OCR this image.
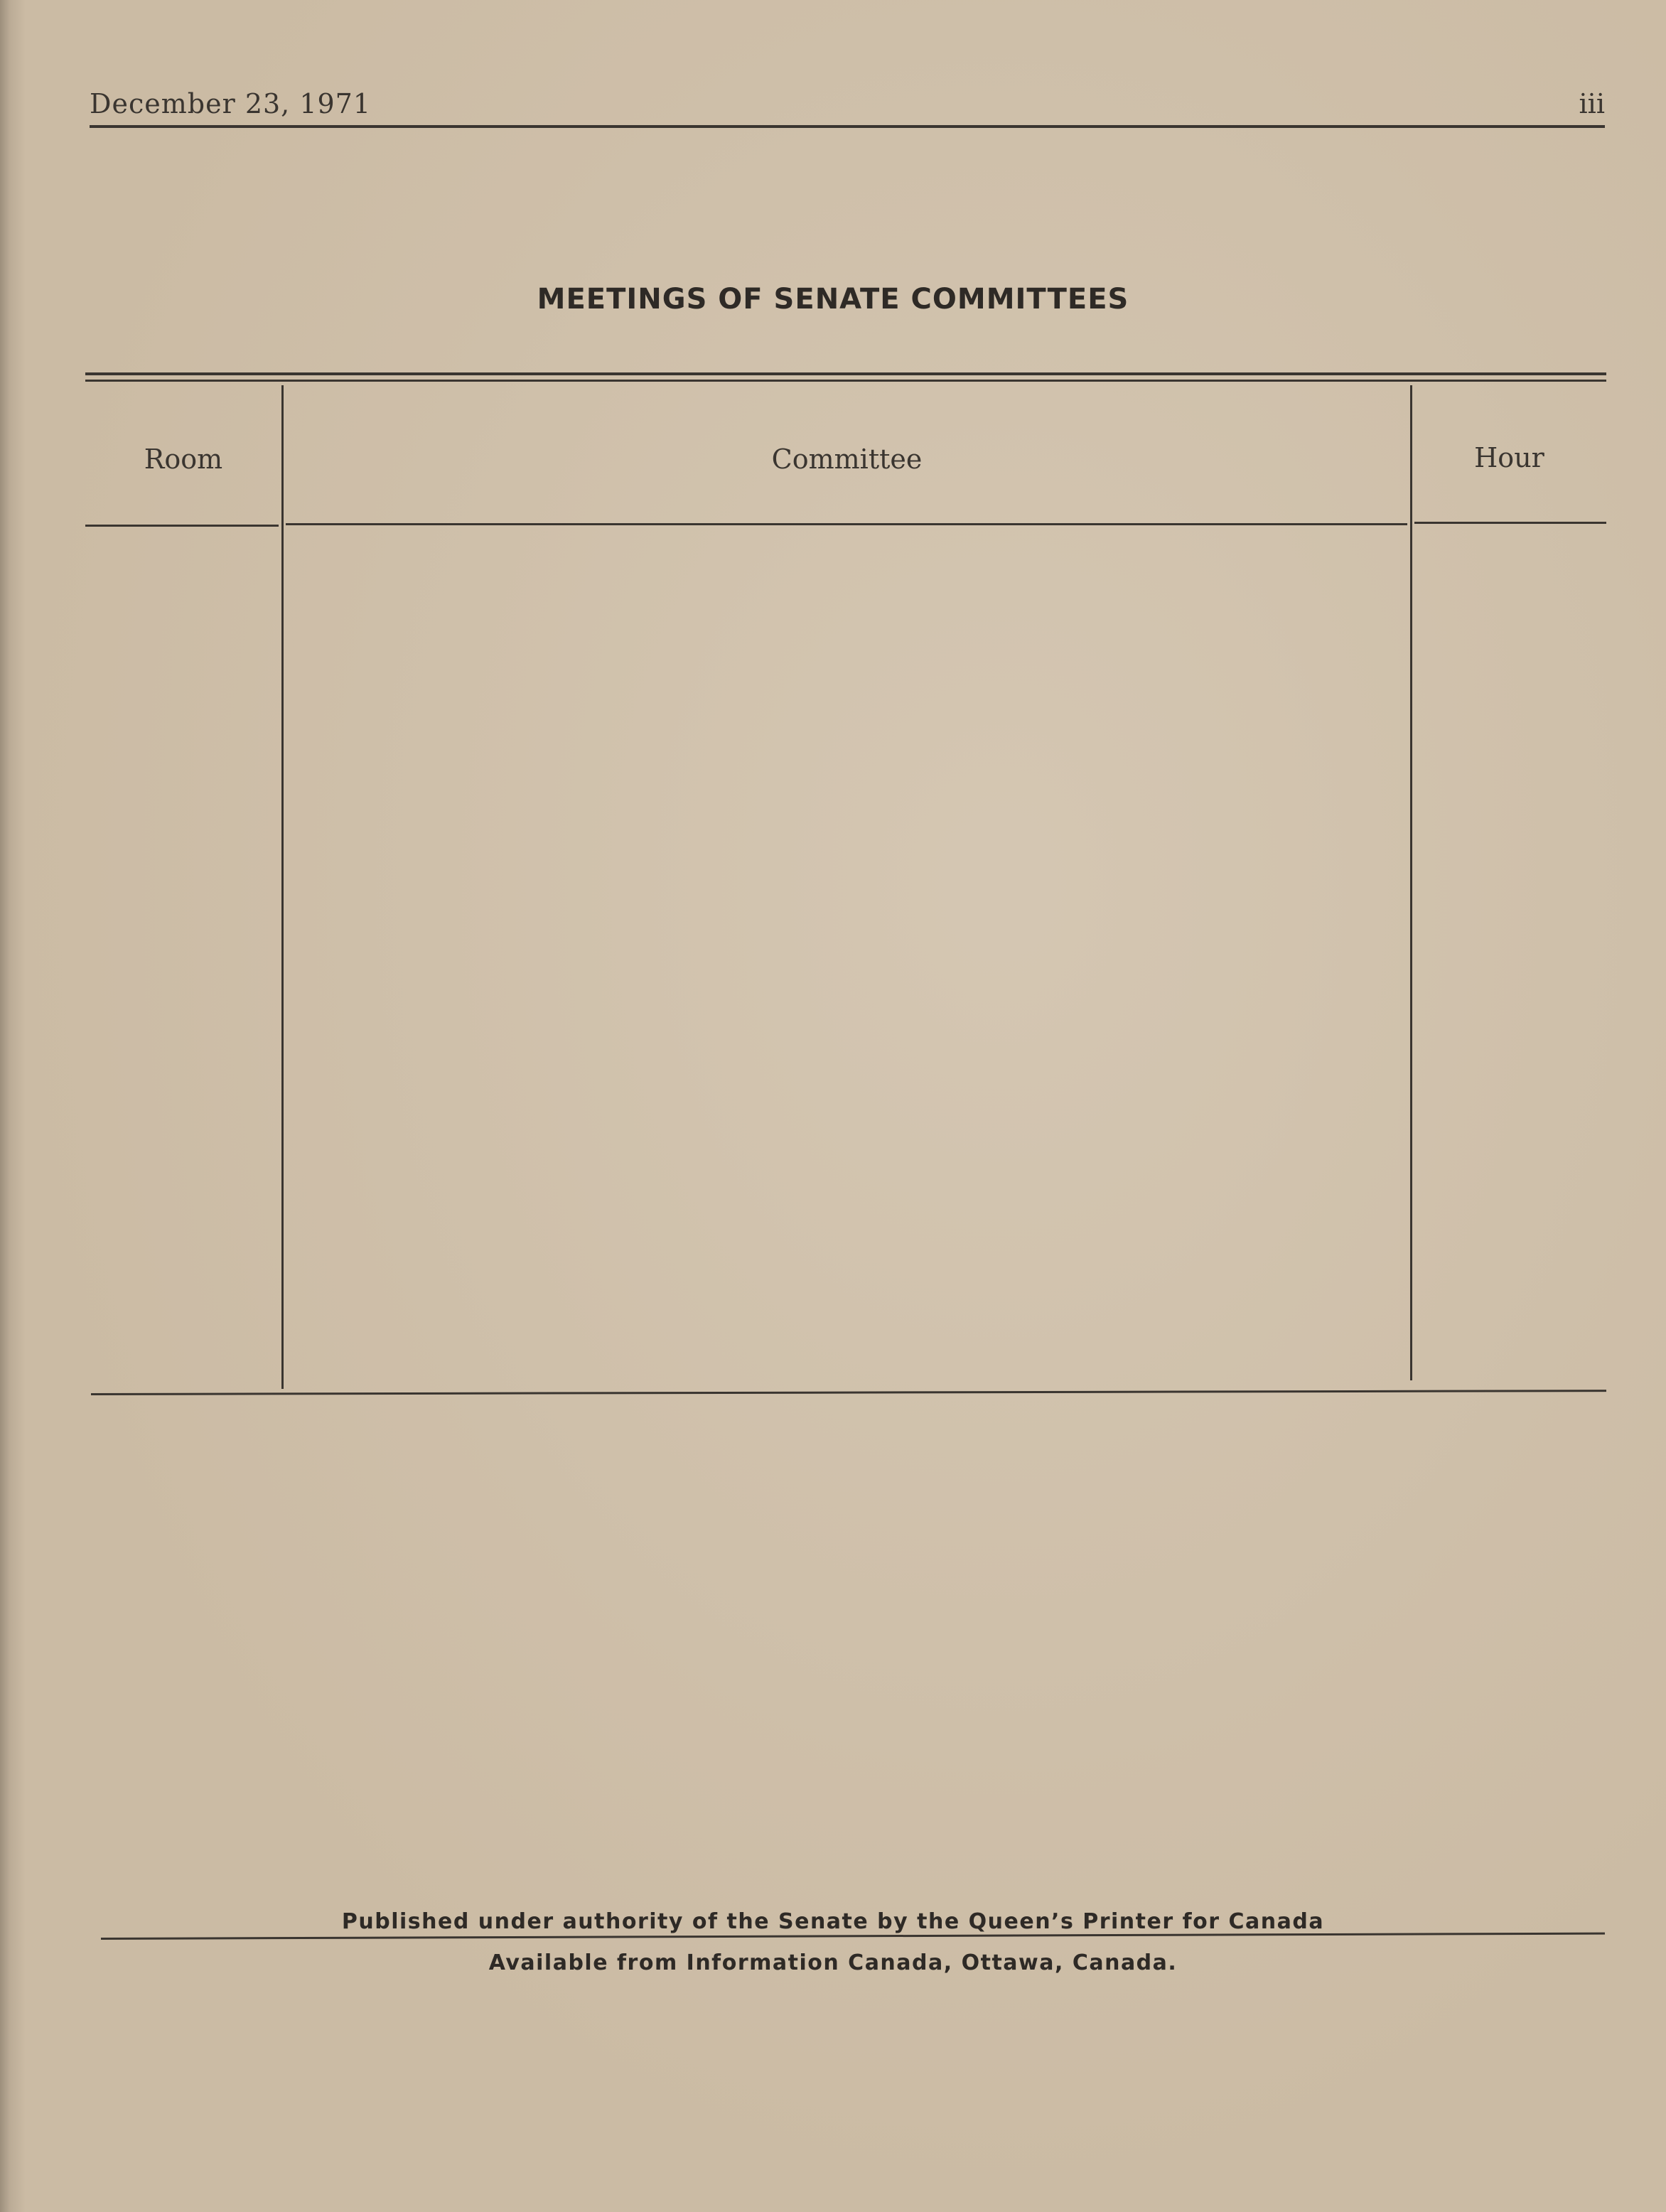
December 23, 1971	iii
MEETINGS OF SENATE COMMITTEES
Room	Committee	Hour
Published under authority of the Senate by the Queen’s Printer for Canada
Available from Information Canada, Ottawa, Canada.
